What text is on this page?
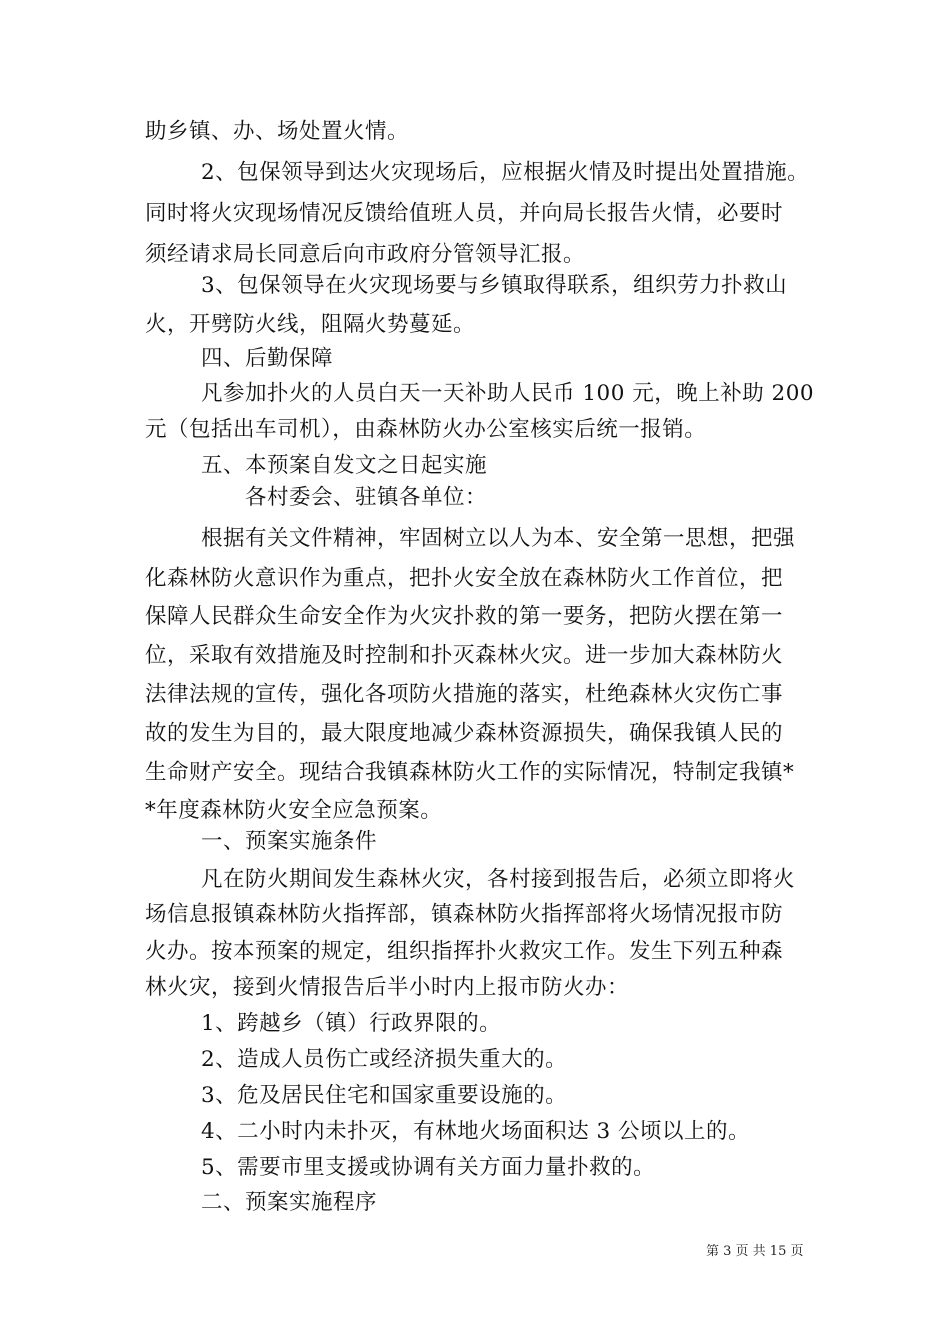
助乡镇、办、场处置火情。
2、包保领导到达火灾现场后，应根据火情及时提出处置措施。
同时将火灾现场情况反馈给值班人员，并向局长报告火情，必要时
须经请求局长同意后向市政府分管领导汇报。
3、包保领导在火灾现场要与乡镇取得联系，组织劳力扑救山
火，开劈防火线，阻隔火势蔓延。
四、后勤保障
凡参加扑火的人员白天一天补助人民币 100 元，晚上补助 200
元（包括出车司机），由森林防火办公室核实后统一报销。
五、本预案自发文之日起实施
各村委会、驻镇各单位：
根据有关文件精神，牢固树立以人为本、安全第一思想，把强
化森林防火意识作为重点，把扑火安全放在森林防火工作首位，把
保障人民群众生命安全作为火灾扑救的第一要务，把防火摆在第一
位，采取有效措施及时控制和扑灭森林火灾。进一步加大森林防火
法律法规的宣传，强化各项防火措施的落实，杜绝森林火灾伤亡事
故的发生为目的，最大限度地减少森林资源损失，确保我镇人民的
生命财产安全。现结合我镇森林防火工作的实际情况，特制定我镇*
*年度森林防火安全应急预案。
一、预案实施条件
凡在防火期间发生森林火灾，各村接到报告后，必须立即将火
场信息报镇森林防火指挥部，镇森林防火指挥部将火场情况报市防
火办。按本预案的规定，组织指挥扑火救灾工作。发生下列五种森
林火灾，接到火情报告后半小时内上报市防火办：
1、跨越乡（镇）行政界限的。
2、造成人员伤亡或经济损失重大的。
3、危及居民住宅和国家重要设施的。
4、二小时内未扑灭，有林地火场面积达 3 公顷以上的。
5、需要市里支援或协调有关方面力量扑救的。
二、预案实施程序
第 3 页 共 15 页
